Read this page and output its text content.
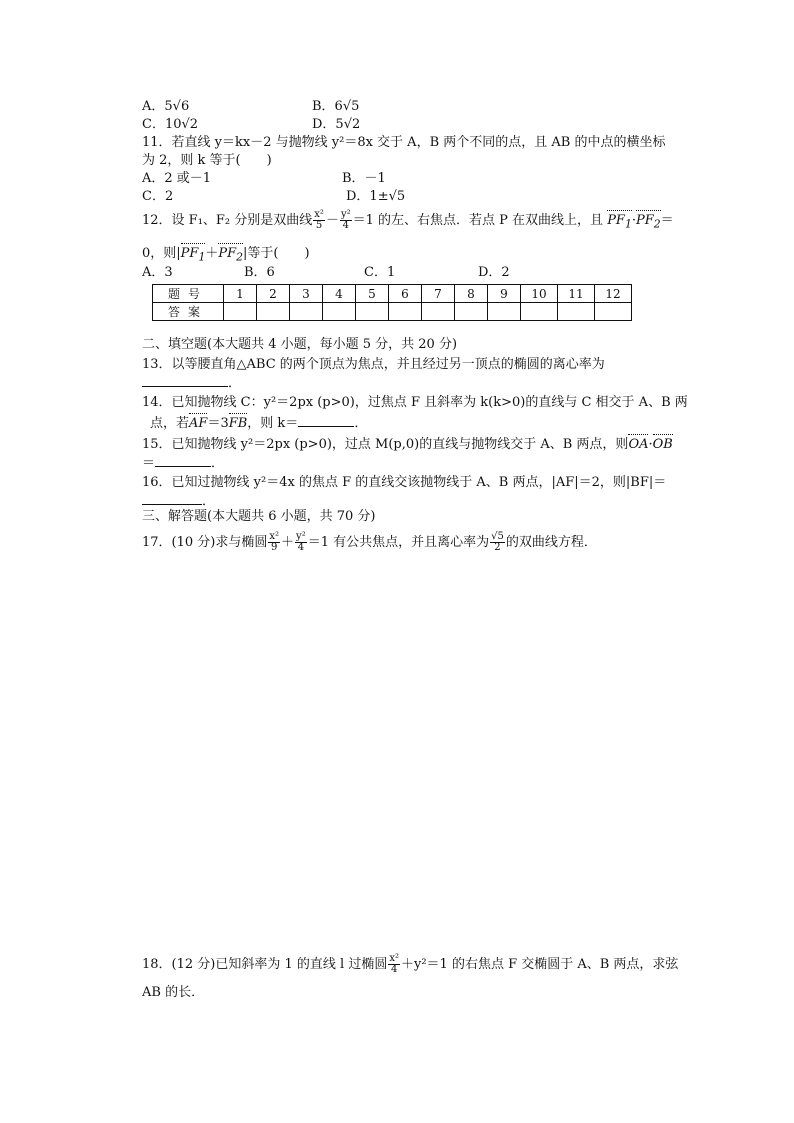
A．5√6	B．6√5
C．10√2	D．5√2
11．若直线 y＝kx－2 与抛物线 y²＝8x 交于 A，B 两个不同的点，且 AB 的中点的横坐标
为 2，则 k 等于(　　)
A．2 或－1	B．－1
C．2	D．1±√5
12．设 F₁、F₂ 分别是双曲线 $\frac{\text{x²}}{5} - \frac{\text{y²}}{4} =1$ 的左、右焦点．若点 P 在双曲线上，且 $PF_1\cdot PF_2=$
0，则$|PF_1+PF_2|$等于(　　)
A．3	B．6	C．1	D．2
题号	1	2	3	4	5	6	7	8	9	10	11	12
答案												
二、填空题(本大题共 4 小题，每小题 5 分，共 20 分)
13．以等腰直角△ABC 的两个顶点为焦点，并且经过另一顶点的椭圆的离心率为
．
14．已知抛物线 C：y²＝2px (p>0)，过焦点 F 且斜率为 k(k>0)的直线与 C 相交于 A、B 两
点，若AF＝3FB，则 k＝	．
15．已知抛物线 y²＝2px (p>0)，过点 M(p,0)的直线与抛物线交于 A、B 两点，则OA·OB
＝	．
16．已知过抛物线 y²＝4x 的焦点 F 的直线交该抛物线于 A、B 两点，|AF|＝2，则|BF|＝
．
三、解答题(本大题共 6 小题，共 70 分)
17．(10 分)求与椭圆 $\frac{\text{x²}}{9} + \frac{\text{y²}}{4} =1$ 有公共焦点，并且离心率为 $\frac{√5}{2}$ 的双曲线方程．
18．(12 分)已知斜率为 1 的直线 l 过椭圆 $\frac{\text{x²}}{4} +y^2=1$ 的右焦点 F 交椭圆于 A、B 两点，求弦
AB 的长．
